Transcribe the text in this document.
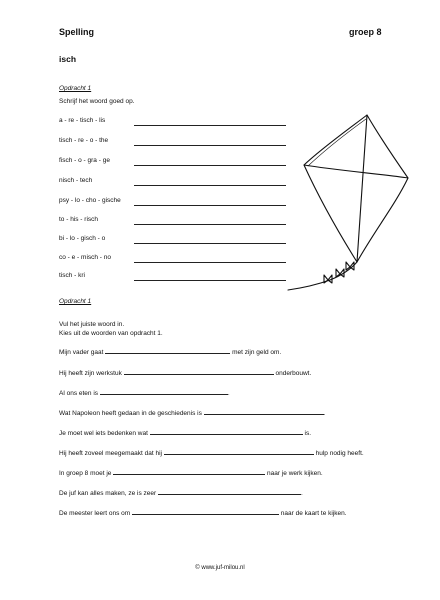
Spelling	groep 8
isch
Opdracht 1
Schrijf het woord goed op.
a - re - tisch - lis
tisch - re - o - the
fisch - o - gra - ge
nisch - tech
psy - lo - cho - gische
to - his - risch
bi - lo - gisch - o
co - e - misch - no
tisch - kri
Opdracht 1
Vul het juiste woord in.
Kies uit de woorden van opdracht 1.
Mijn vader gaat	met zijn geld om.
Hij heeft zijn werkstuk	onderbouwt.
Al ons eten is	.
Wat Napoleon heeft gedaan in de geschiedenis is	.
Je moet wel iets bedenken wat	is.
Hij heeft zoveel meegemaakt dat hij	hulp nodig heeft.
In groep 8 moet je	naar je werk kijken.
De juf kan alles maken, ze is zeer	.
De meester leert ons om	naar de kaart te kijken.
© www.juf-milou.nl
